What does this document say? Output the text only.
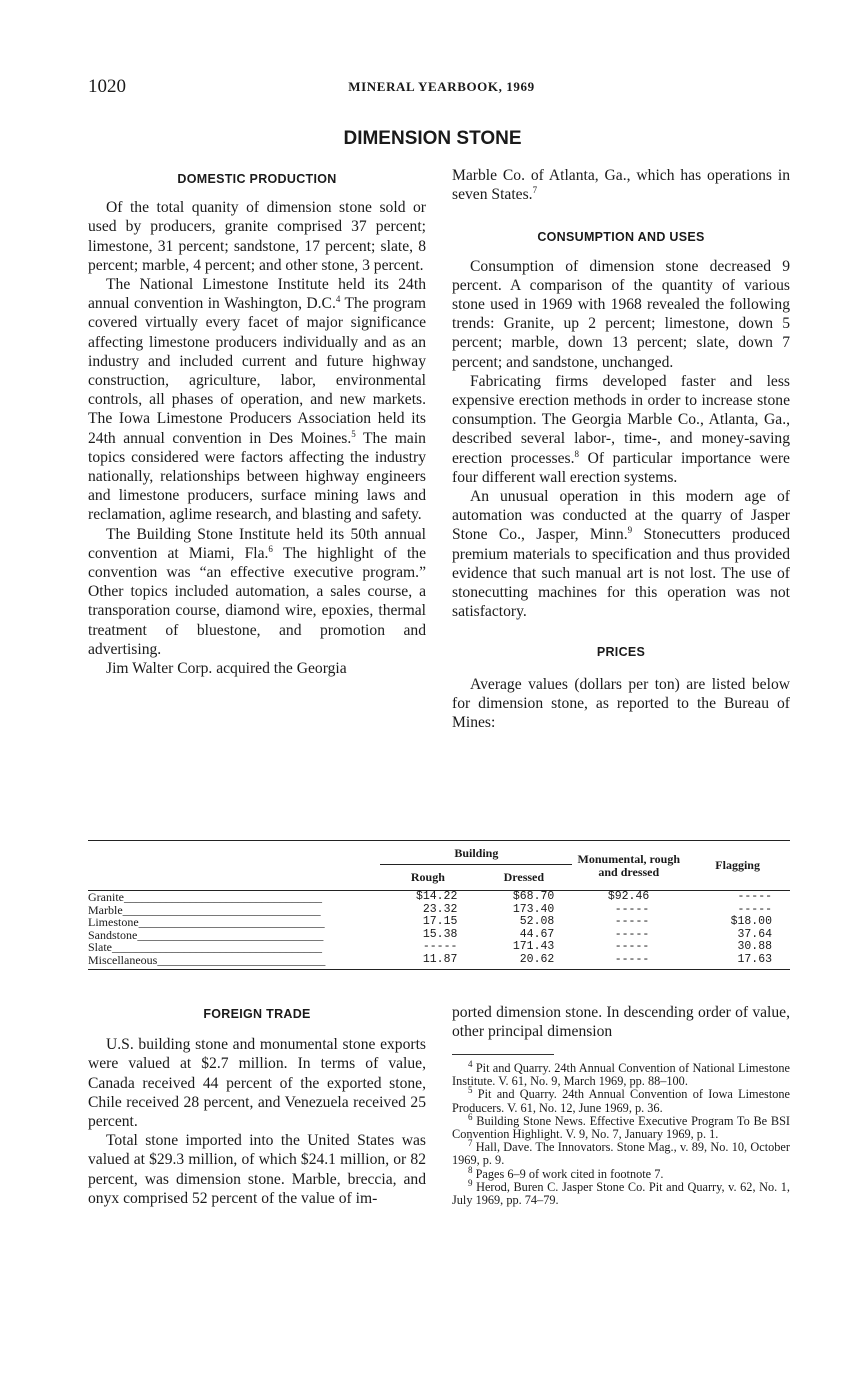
1020	MINERAL YEARBOOK, 1969
DIMENSION STONE
DOMESTIC PRODUCTION

Of the total quanity of dimension stone sold or used by producers, granite comprised 37 percent; limestone, 31 percent; sandstone, 17 percent; slate, 8 percent; marble, 4 percent; and other stone, 3 percent.

The National Limestone Institute held its 24th annual convention in Washington, D.C.$^4$ The program covered virtually every facet of major significance affecting limestone producers individually and as an industry and included current and future highway construction, agriculture, labor, environmental controls, all phases of operation, and new markets. The Iowa Limestone Producers Association held its 24th annual convention in Des Moines.$^5$ The main topics considered were factors affecting the industry nationally, relationships between highway engineers and limestone producers, surface mining laws and reclamation, aglime research, and blasting and safety.

The Building Stone Institute held its 50th annual convention at Miami, Fla.$^6$ The highlight of the convention was “an effective executive program.” Other topics included automation, a sales course, a transporation course, diamond wire, epoxies, thermal treatment of bluestone, and promotion and advertising.

Jim Walter Corp. acquired the Georgia

Marble Co. of Atlanta, Ga., which has operations in seven States.$^7$

CONSUMPTION AND USES

Consumption of dimension stone decreased 9 percent. A comparison of the quantity of various stone used in 1969 with 1968 revealed the following trends: Granite, up 2 percent; limestone, down 5 percent; marble, down 13 percent; slate, down 7 percent; and sandstone, unchanged.

Fabricating firms developed faster and less expensive erection methods in order to increase stone consumption. The Georgia Marble Co., Atlanta, Ga., described several labor-, time-, and money-saving erection processes.$^8$ Of particular importance were four different wall erection systems.

An unusual operation in this modern age of automation was conducted at the quarry of Jasper Stone Co., Jasper, Minn.$^9$ Stonecutters produced premium materials to specification and thus provided evidence that such manual art is not lost. The use of stonecutting machines for this operation was not satisfactory.

PRICES

Average values (dollars per ton) are listed below for dimension stone, as reported to the Bureau of Mines:

	Building		Monumental, rough and dressed	Flagging
	Rough	Dressed		
Granite_________________________________	$14.22	$68.70	$92.46	-----
Marble_________________________________	23.32	173.40	-----	-----
Limestone_______________________________	17.15	52.08	-----	$18.00
Sandstone_______________________________	15.38	44.67	-----	37.64
Slate___________________________________	-----	171.43	-----	30.88
Miscellaneous____________________________	11.87	20.62	-----	17.63
FOREIGN TRADE

U.S. building stone and monumental stone exports were valued at $2.7 million. In terms of value, Canada received 44 percent of the exported stone, Chile received 28 percent, and Venezuela received 25 percent.

Total stone imported into the United States was valued at $29.3 million, of which $24.1 million, or 82 percent, was dimension stone. Marble, breccia, and onyx comprised 52 percent of the value of im-

ported dimension stone. In descending order of value, other principal dimension

$^4$ Pit and Quarry. 24th Annual Convention of National Limestone Institute. V. 61, No. 9, March 1969, pp. 88–100.

$^5$ Pit and Quarry. 24th Annual Convention of Iowa Limestone Producers. V. 61, No. 12, June 1969, p. 36.

$^6$ Building Stone News. Effective Executive Program To Be BSI Convention Highlight. V. 9, No. 7, January 1969, p. 1.

$^7$ Hall, Dave. The Innovators. Stone Mag., v. 89, No. 10, October 1969, p. 9.

$^8$ Pages 6–9 of work cited in footnote 7.

$^9$ Herod, Buren C. Jasper Stone Co. Pit and Quarry, v. 62, No. 1, July 1969, pp. 74–79.
